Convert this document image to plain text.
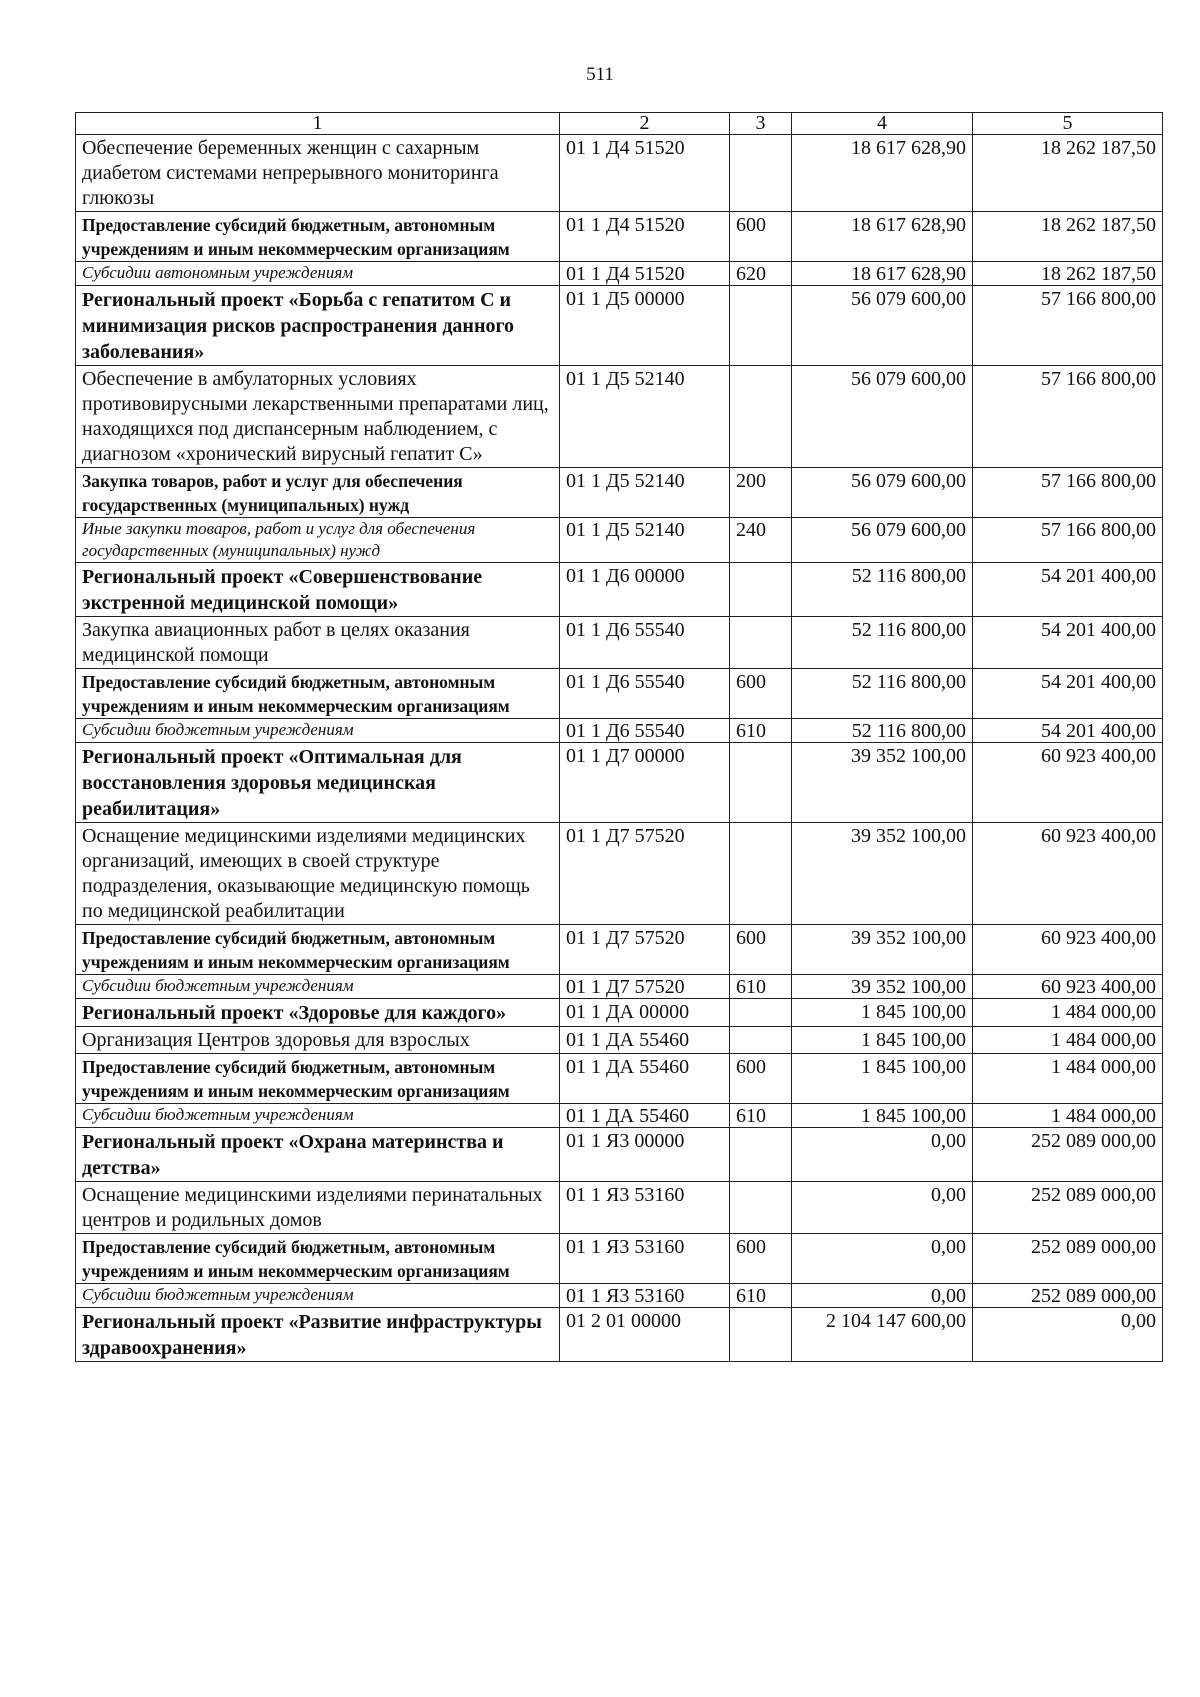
511
1	2	3	4	5
Обеспечение беременных женщин с сахарным диабетом системами непрерывного мониторинга глюкозы	01 1 Д4 51520		18 617 628,90	18 262 187,50
Предоставление субсидий бюджетным, автономным учреждениям и иным некоммерческим организациям	01 1 Д4 51520	600	18 617 628,90	18 262 187,50
Субсидии автономным учреждениям	01 1 Д4 51520	620	18 617 628,90	18 262 187,50
Региональный проект «Борьба с гепатитом С и минимизация рисков распространения данного заболевания»	01 1 Д5 00000		56 079 600,00	57 166 800,00
Обеспечение в амбулаторных условиях противовирусными лекарственными препаратами лиц, находящихся под диспансерным наблюдением, с диагнозом «хронический вирусный гепатит С»	01 1 Д5 52140		56 079 600,00	57 166 800,00
Закупка товаров, работ и услуг для обеспечения государственных (муниципальных) нужд	01 1 Д5 52140	200	56 079 600,00	57 166 800,00
Иные закупки товаров, работ и услуг для обеспечения государственных (муниципальных) нужд	01 1 Д5 52140	240	56 079 600,00	57 166 800,00
Региональный проект «Совершенствование экстренной медицинской помощи»	01 1 Д6 00000		52 116 800,00	54 201 400,00
Закупка авиационных работ в целях оказания медицинской помощи	01 1 Д6 55540		52 116 800,00	54 201 400,00
Предоставление субсидий бюджетным, автономным учреждениям и иным некоммерческим организациям	01 1 Д6 55540	600	52 116 800,00	54 201 400,00
Субсидии бюджетным учреждениям	01 1 Д6 55540	610	52 116 800,00	54 201 400,00
Региональный проект «Оптимальная для восстановления здоровья медицинская реабилитация»	01 1 Д7 00000		39 352 100,00	60 923 400,00
Оснащение медицинскими изделиями медицинских организаций, имеющих в своей структуре подразделения, оказывающие медицинскую помощь по медицинской реабилитации	01 1 Д7 57520		39 352 100,00	60 923 400,00
Предоставление субсидий бюджетным, автономным учреждениям и иным некоммерческим организациям	01 1 Д7 57520	600	39 352 100,00	60 923 400,00
Субсидии бюджетным учреждениям	01 1 Д7 57520	610	39 352 100,00	60 923 400,00
Региональный проект «Здоровье для каждого»	01 1 ДА 00000		1 845 100,00	1 484 000,00
Организация Центров здоровья для взрослых	01 1 ДА 55460		1 845 100,00	1 484 000,00
Предоставление субсидий бюджетным, автономным учреждениям и иным некоммерческим организациям	01 1 ДА 55460	600	1 845 100,00	1 484 000,00
Субсидии бюджетным учреждениям	01 1 ДА 55460	610	1 845 100,00	1 484 000,00
Региональный проект «Охрана материнства и детства»	01 1 Я3 00000		0,00	252 089 000,00
Оснащение медицинскими изделиями перинатальных центров и родильных домов	01 1 Я3 53160		0,00	252 089 000,00
Предоставление субсидий бюджетным, автономным учреждениям и иным некоммерческим организациям	01 1 Я3 53160	600	0,00	252 089 000,00
Субсидии бюджетным учреждениям	01 1 Я3 53160	610	0,00	252 089 000,00
Региональный проект «Развитие инфраструктуры здравоохранения»	01 2 01 00000		2 104 147 600,00	0,00
